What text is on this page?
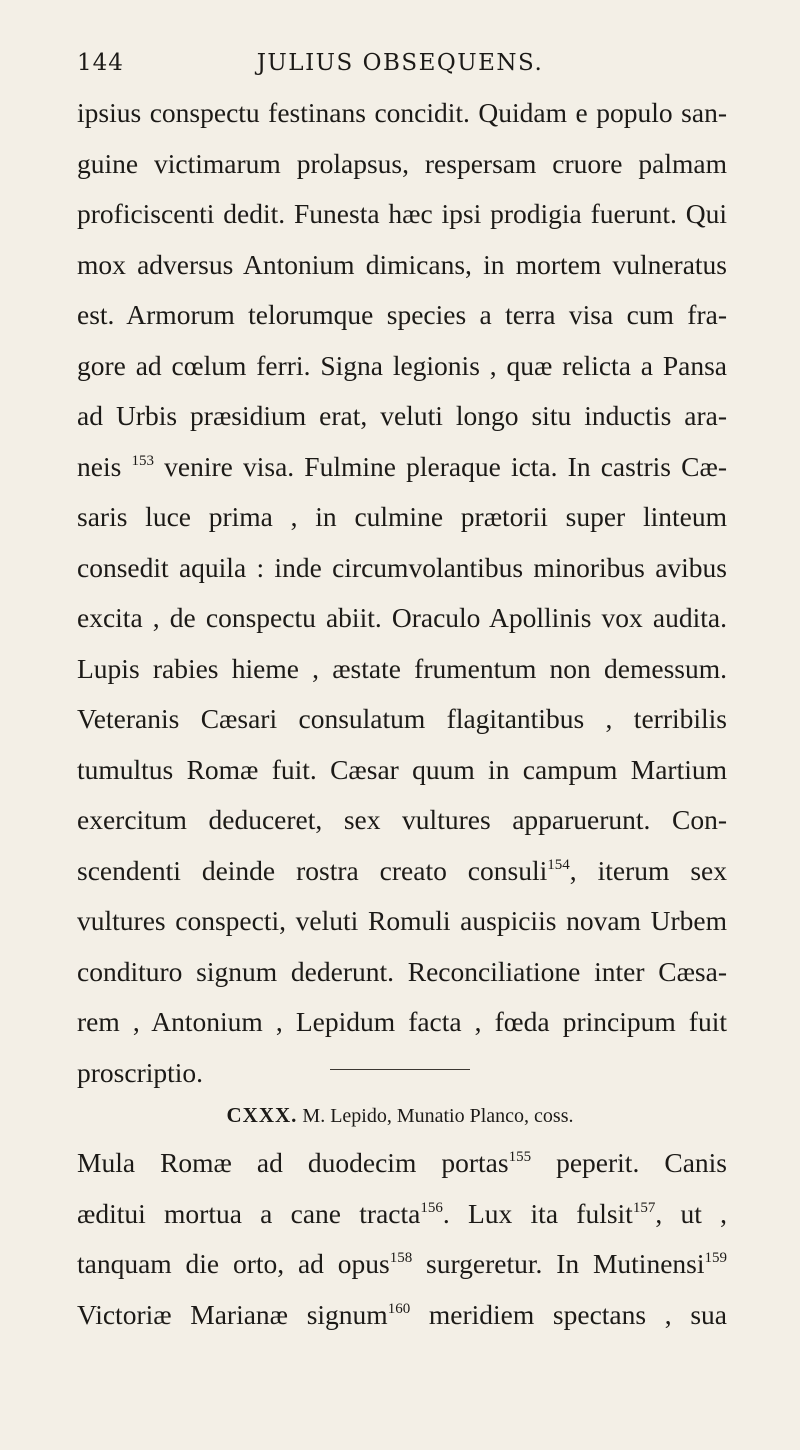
144	JULIUS OBSEQUENS.
ipsius conspectu festinans concidit. Quidam e populo san-
guine victimarum prolapsus, respersam cruore palmam
proficiscenti dedit. Funesta hæc ipsi prodigia fuerunt. Qui
mox adversus Antonium dimicans, in mortem vulneratus
est. Armorum telorumque species a terra visa cum fra-
gore ad cœlum ferri. Signa legionis , quæ relicta a Pansa
ad Urbis præsidium erat, veluti longo situ inductis ara-
neis $^{153}$ venire visa. Fulmine pleraque icta. In castris Cæ-
saris luce prima , in culmine prætorii super linteum
consedit aquila : inde circumvolantibus minoribus avibus
excita , de conspectu abiit. Oraculo Apollinis vox audita.
Lupis rabies hieme , æstate frumentum non demessum.
Veteranis Cæsari consulatum flagitantibus , terribilis
tumultus Romæ fuit. Cæsar quum in campum Martium
exercitum deduceret, sex vultures apparuerunt. Con-
scendenti deinde rostra creato consuli$^{154}$, iterum sex
vultures conspecti, veluti Romuli auspiciis novam Urbem
condituro signum dederunt. Reconciliatione inter Cæsa-
rem , Antonium , Lepidum facta , fœda principum fuit
proscriptio.
CXXX. M. Lepido, Munatio Planco, coss.
Mula Romæ ad duodecim portas$^{155}$ peperit. Canis
æditui mortua a cane tracta$^{156}$. Lux ita fulsit$^{157}$, ut ,
tanquam die orto, ad opus$^{158}$ surgeretur. In Mutinensi$^{159}$
Victoriæ Marianæ signum$^{160}$ meridiem spectans , sua
